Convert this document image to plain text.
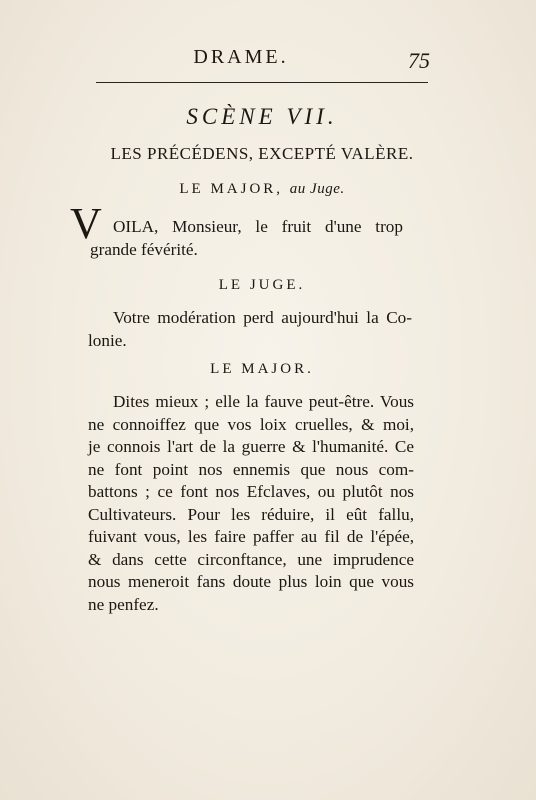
DRAME.	75
SCÈNE VII.
LES PRÉCÉDENS, EXCEPTÉ VALÈRE.
LE MAJOR, au Juge.
V OILA, Monsieur, le fruit d'une trop
grande févérité.
LE JUGE.
Votre modération perd aujourd'hui la Co-
lonie.
LE MAJOR.
Dites mieux ; elle la fauve peut-être. Vous
ne connoiffez que vos loix cruelles, & moi,
je connois l'art de la guerre & l'humanité. Ce
ne font point nos ennemis que nous com-
battons ; ce font nos Efclaves, ou plutôt nos
Cultivateurs. Pour les réduire, il eût fallu,
fuivant vous, les faire paffer au fil de l'épée,
& dans cette circonftance, une imprudence
nous meneroit fans doute plus loin que vous
ne penfez.
